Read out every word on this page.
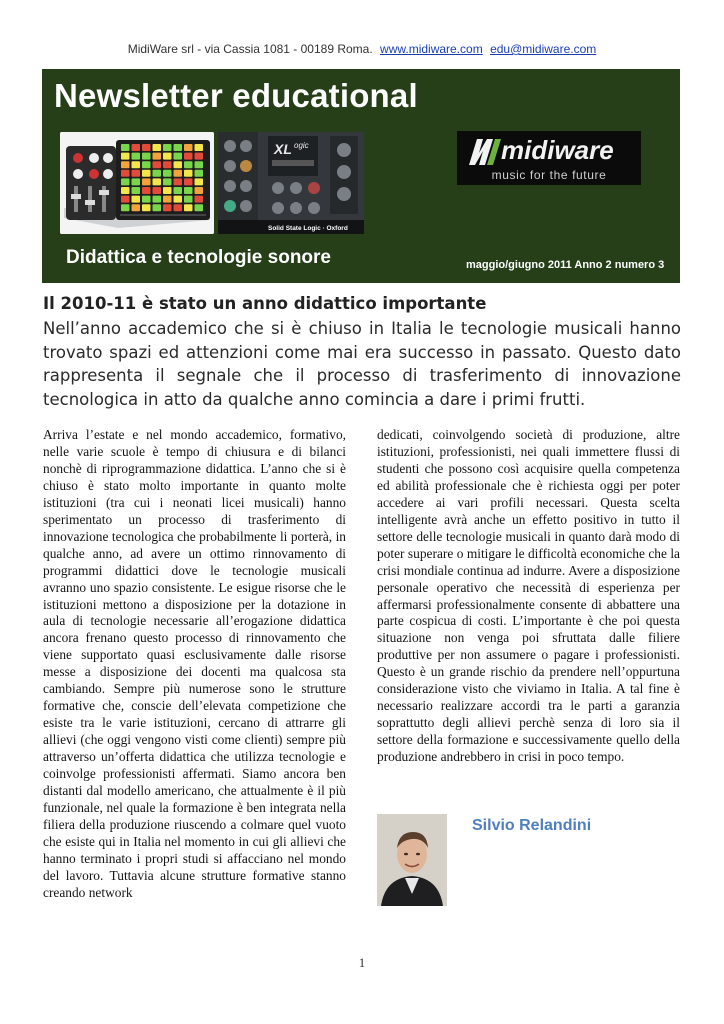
MidiWare srl - via Cassia 1081 - 00189 Roma. www.midiware.com edu@midiware.com
Newsletter educational
XL ogic
Solid State Logic · Oxford
midiware
music for the future
Didattica e tecnologie sonore	maggio/giugno 2011 Anno 2 numero 3
Il 2010-11 è stato un anno didattico importante
Nell’anno accademico che si è chiuso in Italia le tecnologie musicali hanno trovato spazi ed attenzioni come mai era successo in passato. Questo dato rappresenta il segnale che il processo di trasferimento di innovazione tecnologica in atto da qualche anno comincia a dare i primi frutti.
Arriva l’estate e nel mondo accademico, formativo, nelle varie scuole è tempo di chiusura e di bilanci nonchè di riprogrammazione didattica. L’anno che si è chiuso è stato molto importante in quanto molte istituzioni (tra cui i neonati licei musicali) hanno sperimentato un processo di trasferimento di innovazione tecnologica che probabilmente li porterà, in qualche anno, ad avere un ottimo rinnovamento di programmi didattici dove le tecnologie musicali avranno uno spazio consistente. Le esigue risorse che le istituzioni mettono a disposizione per la dotazione in aula di tecnologie necessarie all’erogazione didattica ancora frenano questo processo di rinnovamento che viene supportato quasi esclusivamente dalle risorse messe a disposizione dei docenti ma qualcosa sta cambiando. Sempre più numerose sono le strutture formative che, conscie dell’elevata competizione che esiste tra le varie istituzioni, cercano di attrarre gli allievi (che oggi vengono visti come clienti) sempre più attraverso un’offerta didattica che utilizza tecnologie e coinvolge professionisti affermati. Siamo ancora ben distanti dal modello americano, che attualmente è il più funzionale, nel quale la formazione è ben integrata nella filiera della produzione riuscendo a colmare quel vuoto che esiste qui in Italia nel momento in cui gli allievi che hanno terminato i propri studi si affacciano nel mondo del lavoro. Tuttavia alcune strutture formative stanno creando network
dedicati, coinvolgendo società di produzione, altre istituzioni, professionisti, nei quali immettere flussi di studenti che possono così acquisire quella competenza ed abilità professionale che è richiesta oggi per poter accedere ai vari profili necessari. Questa scelta intelligente avrà anche un effetto positivo in tutto il settore delle tecnologie musicali in quanto darà modo di poter superare o mitigare le difficoltà economiche che la crisi mondiale continua ad indurre. Avere a disposizione personale operativo che necessità di esperienza per affermarsi professionalmente consente di abbattere una parte cospicua di costi. L’importante è che poi questa situazione non venga poi sfruttata dalle filiere produttive per non assumere o pagare i professionisti. Questo è un grande rischio da prendere nell’oppurtuna considerazione visto che viviamo in Italia. A tal fine è necessario realizzare accordi tra le parti a garanzia soprattutto degli allievi perchè senza di loro sia il settore della formazione e successivamente quello della produzione andrebbero in crisi in poco tempo.
Silvio Relandini
1
